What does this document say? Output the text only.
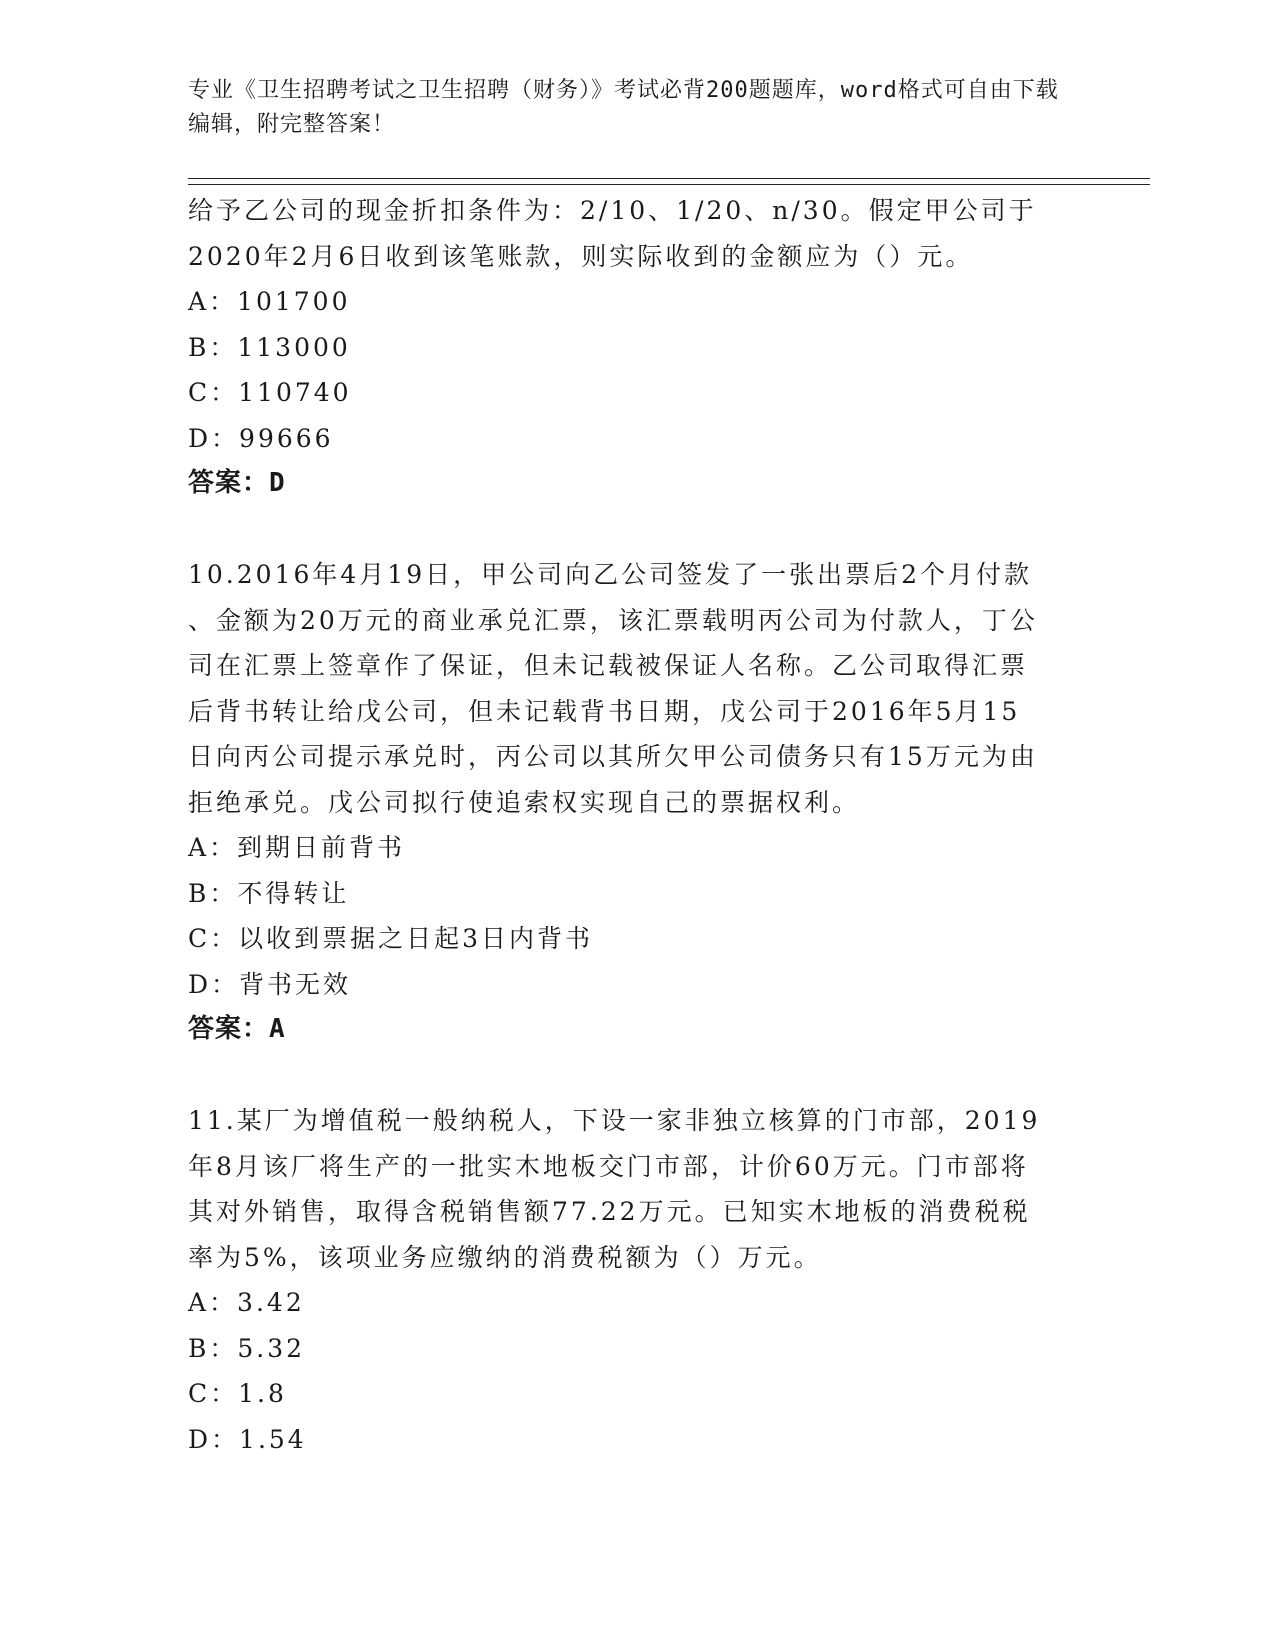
专业《卫生招聘考试之卫生招聘（财务）》考试必背200题题库，word格式可自由下载编辑，附完整答案！
给予乙公司的现金折扣条件为：2/10、1/20、n/30。假定甲公司于
2020年2月6日收到该笔账款，则实际收到的金额应为（）元。
A：101700
B：113000
C：110740
D：99666
答案：D
10.2016年4月19日，甲公司向乙公司签发了一张出票后2个月付款
、金额为20万元的商业承兑汇票，该汇票载明丙公司为付款人，丁公
司在汇票上签章作了保证，但未记载被保证人名称。乙公司取得汇票
后背书转让给戊公司，但未记载背书日期，戊公司于2016年5月15
日向丙公司提示承兑时，丙公司以其所欠甲公司债务只有15万元为由
拒绝承兑。戊公司拟行使追索权实现自己的票据权利。
A：到期日前背书
B：不得转让
C：以收到票据之日起3日内背书
D：背书无效
答案：A
11.某厂为增值税一般纳税人，下设一家非独立核算的门市部，2019
年8月该厂将生产的一批实木地板交门市部，计价60万元。门市部将
其对外销售，取得含税销售额77.22万元。已知实木地板的消费税税
率为5%，该项业务应缴纳的消费税额为（）万元。
A：3.42
B：5.32
C：1.8
D：1.54
